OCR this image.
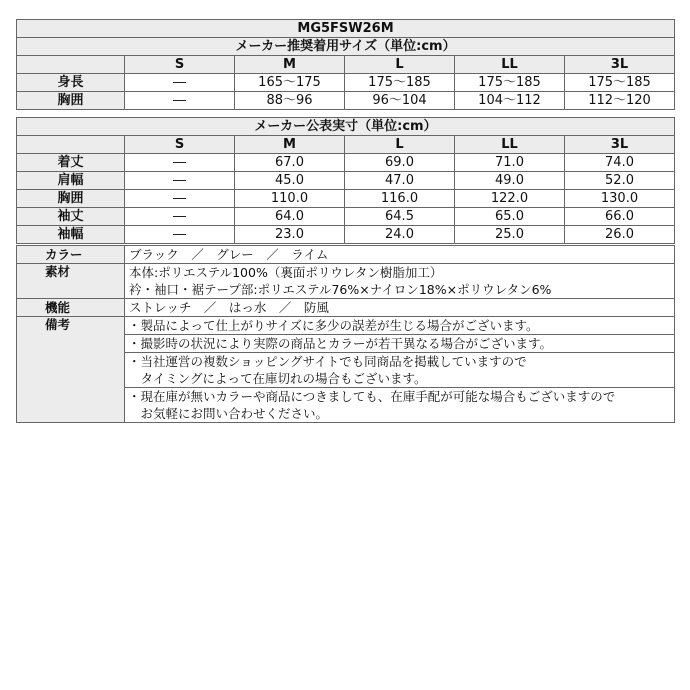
MG5FSW26M					
メーカー推奨着用サイズ（単位:cm）					
	S	M	L	LL	3L
身長	―	165～175	175～185	175～185	175～185
胸囲	―	88～96	96～104	104～112	112～120
メーカー公表実寸（単位:cm）					
	S	M	L	LL	3L
着丈	―	67.0	69.0	71.0	74.0
肩幅	―	45.0	47.0	49.0	52.0
胸囲	―	110.0	116.0	122.0	130.0
袖丈	―	64.0	64.5	65.0	66.0
袖幅	―	23.0	24.0	25.0	26.0
カラー	ブラック　／　グレー　／　ライム
素材	本体:ポリエステル100%（裏面ポリウレタン樹脂加工）
	衿・袖口・裾テープ部:ポリエステル76%×ナイロン18%×ポリウレタン6%
機能	ストレッチ　／　はっ水　／　防風
備考	・製品によって仕上がりサイズに多少の誤差が生じる場合がございます。
	・撮影時の状況により実際の商品とカラーが若干異なる場合がございます。
	・当社運営の複数ショッピングサイトでも同商品を掲載していますので
	　タイミングによって在庫切れの場合もございます。
	・現在庫が無いカラーや商品につきましても、在庫手配が可能な場合もございますので
	　お気軽にお問い合わせください。
